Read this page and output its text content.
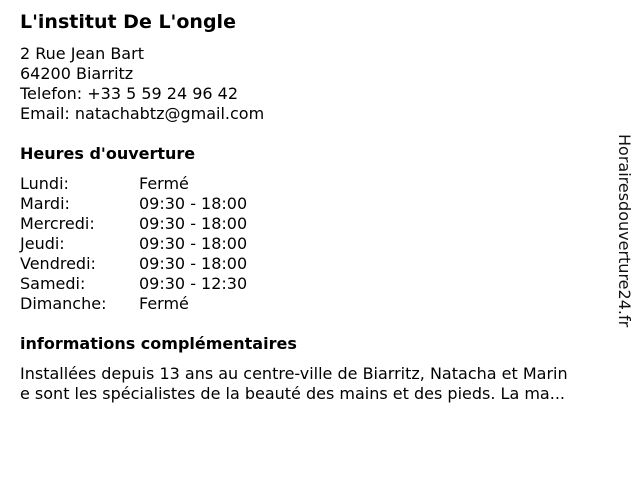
L'institut De L'ongle
2 Rue Jean Bart
64200 Biarritz
Telefon: +33 5 59 24 96 42
Email: natachabtz@gmail.com
Heures d'ouverture
Lundi:	Fermé
Mardi:	09:30 - 18:00
Mercredi:	09:30 - 18:00
Jeudi:	09:30 - 18:00
Vendredi:	09:30 - 18:00
Samedi:	09:30 - 12:30
Dimanche:	Fermé
informations complémentaires
Installées depuis 13 ans au centre-ville de Biarritz, Natacha et Marin
e sont les spécialistes de la beauté des mains et des pieds. La ma...
Horairesdouverture24.fr
